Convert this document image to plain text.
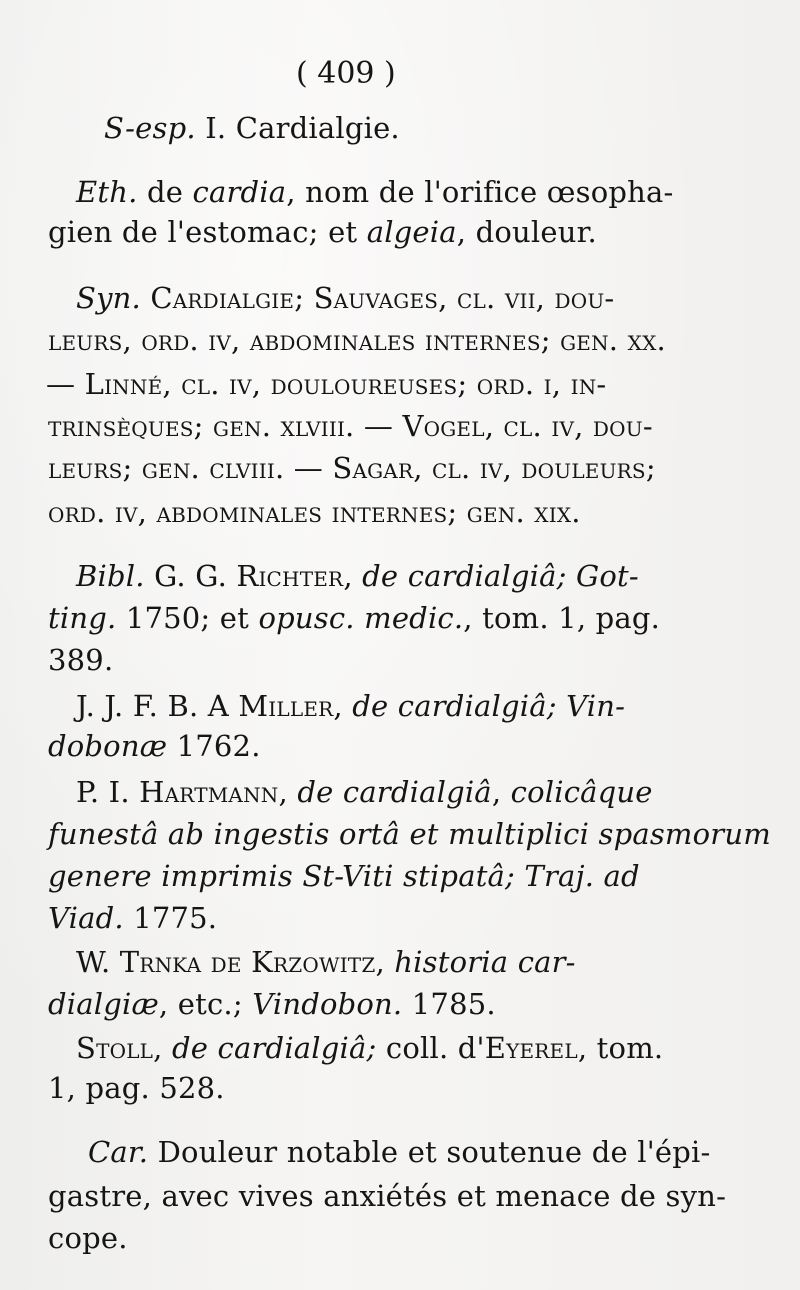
( 409 )
S-esp. I. Cardialgie.
Eth. de cardia, nom de l'orifice œsopha-
gien de l'estomac; et algeia, douleur.
Syn. Cardialgie; Sauvages, cl. vii, dou-
leurs, ord. iv, abdominales internes; gen. xx.
— Linné, cl. iv, douloureuses; ord. i, in-
trinsèques; gen. xlviii. — Vogel, cl. iv, dou-
leurs; gen. clviii. — Sagar, cl. iv, douleurs;
ord. iv, abdominales internes; gen. xix.
Bibl. G. G. Richter, de cardialgiâ; Got-
ting. 1750; et opusc. medic., tom. 1, pag.
389.
J. J. F. B. A Miller, de cardialgiâ; Vin-
dobonæ 1762.
P. I. Hartmann, de cardialgiâ, colicâque
funestâ ab ingestis ortâ et multiplici spasmorum
genere imprimis St-Viti stipatâ; Traj. ad
Viad. 1775.
W. Trnka de Krzowitz, historia car-
dialgiæ, etc.; Vindobon. 1785.
Stoll, de cardialgiâ; coll. d'Eyerel, tom.
1, pag. 528.
Car. Douleur notable et soutenue de l'épi-
gastre, avec vives anxiétés et menace de syn-
cope.
